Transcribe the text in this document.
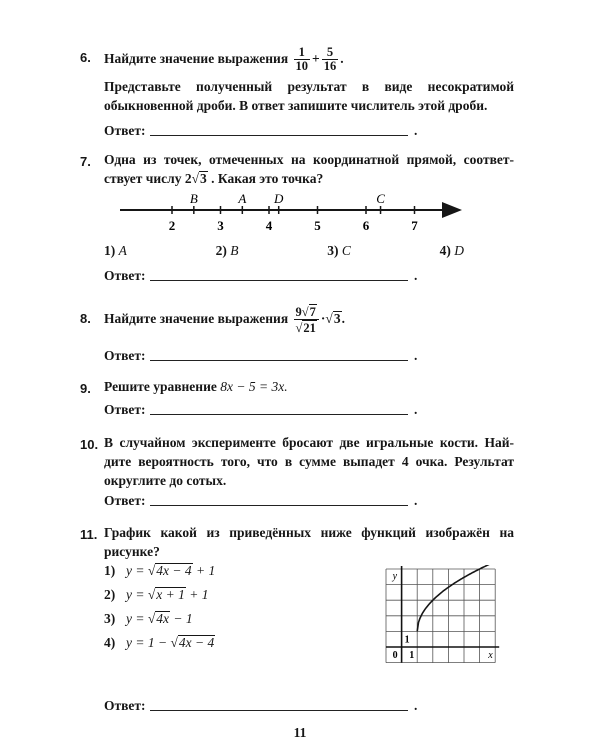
6. Найдите значение выражения $\frac{1}{10} + \frac{5}{16}$ .
Представьте полученный результат в виде несократимой
обыкновенной дроби. В ответ запишите числитель этой дроби.
Ответ:	.
7. Одна из точек, отмеченных на координатной прямой, соответ-
ствует числу 2√3 . Какая это точка?
2	3	4	5	6	7
B	A D	C
1) A	2) B	3) C	4) D
Ответ:	.
8. Найдите значение выражения $\frac{9√7}{√21} \cdot√3$.
Ответ:	.
9. Решите уравнение 8x − 5 = 3x.
Ответ:	.
10. В случайном эксперименте бросают две игральные кости. Най-
дите вероятность того, что в сумме выпадет 4 очка. Результат
округлите до сотых.
Ответ:	.
11. График какой из приведённых ниже функций изображён на
рисунке?
1) y = √4x − 4 + 1
2) y = √x + 1 + 1
3) y = √4x − 1
4) y = 1 − √4x − 4
y
x
0 1
1
Ответ:	.
11
